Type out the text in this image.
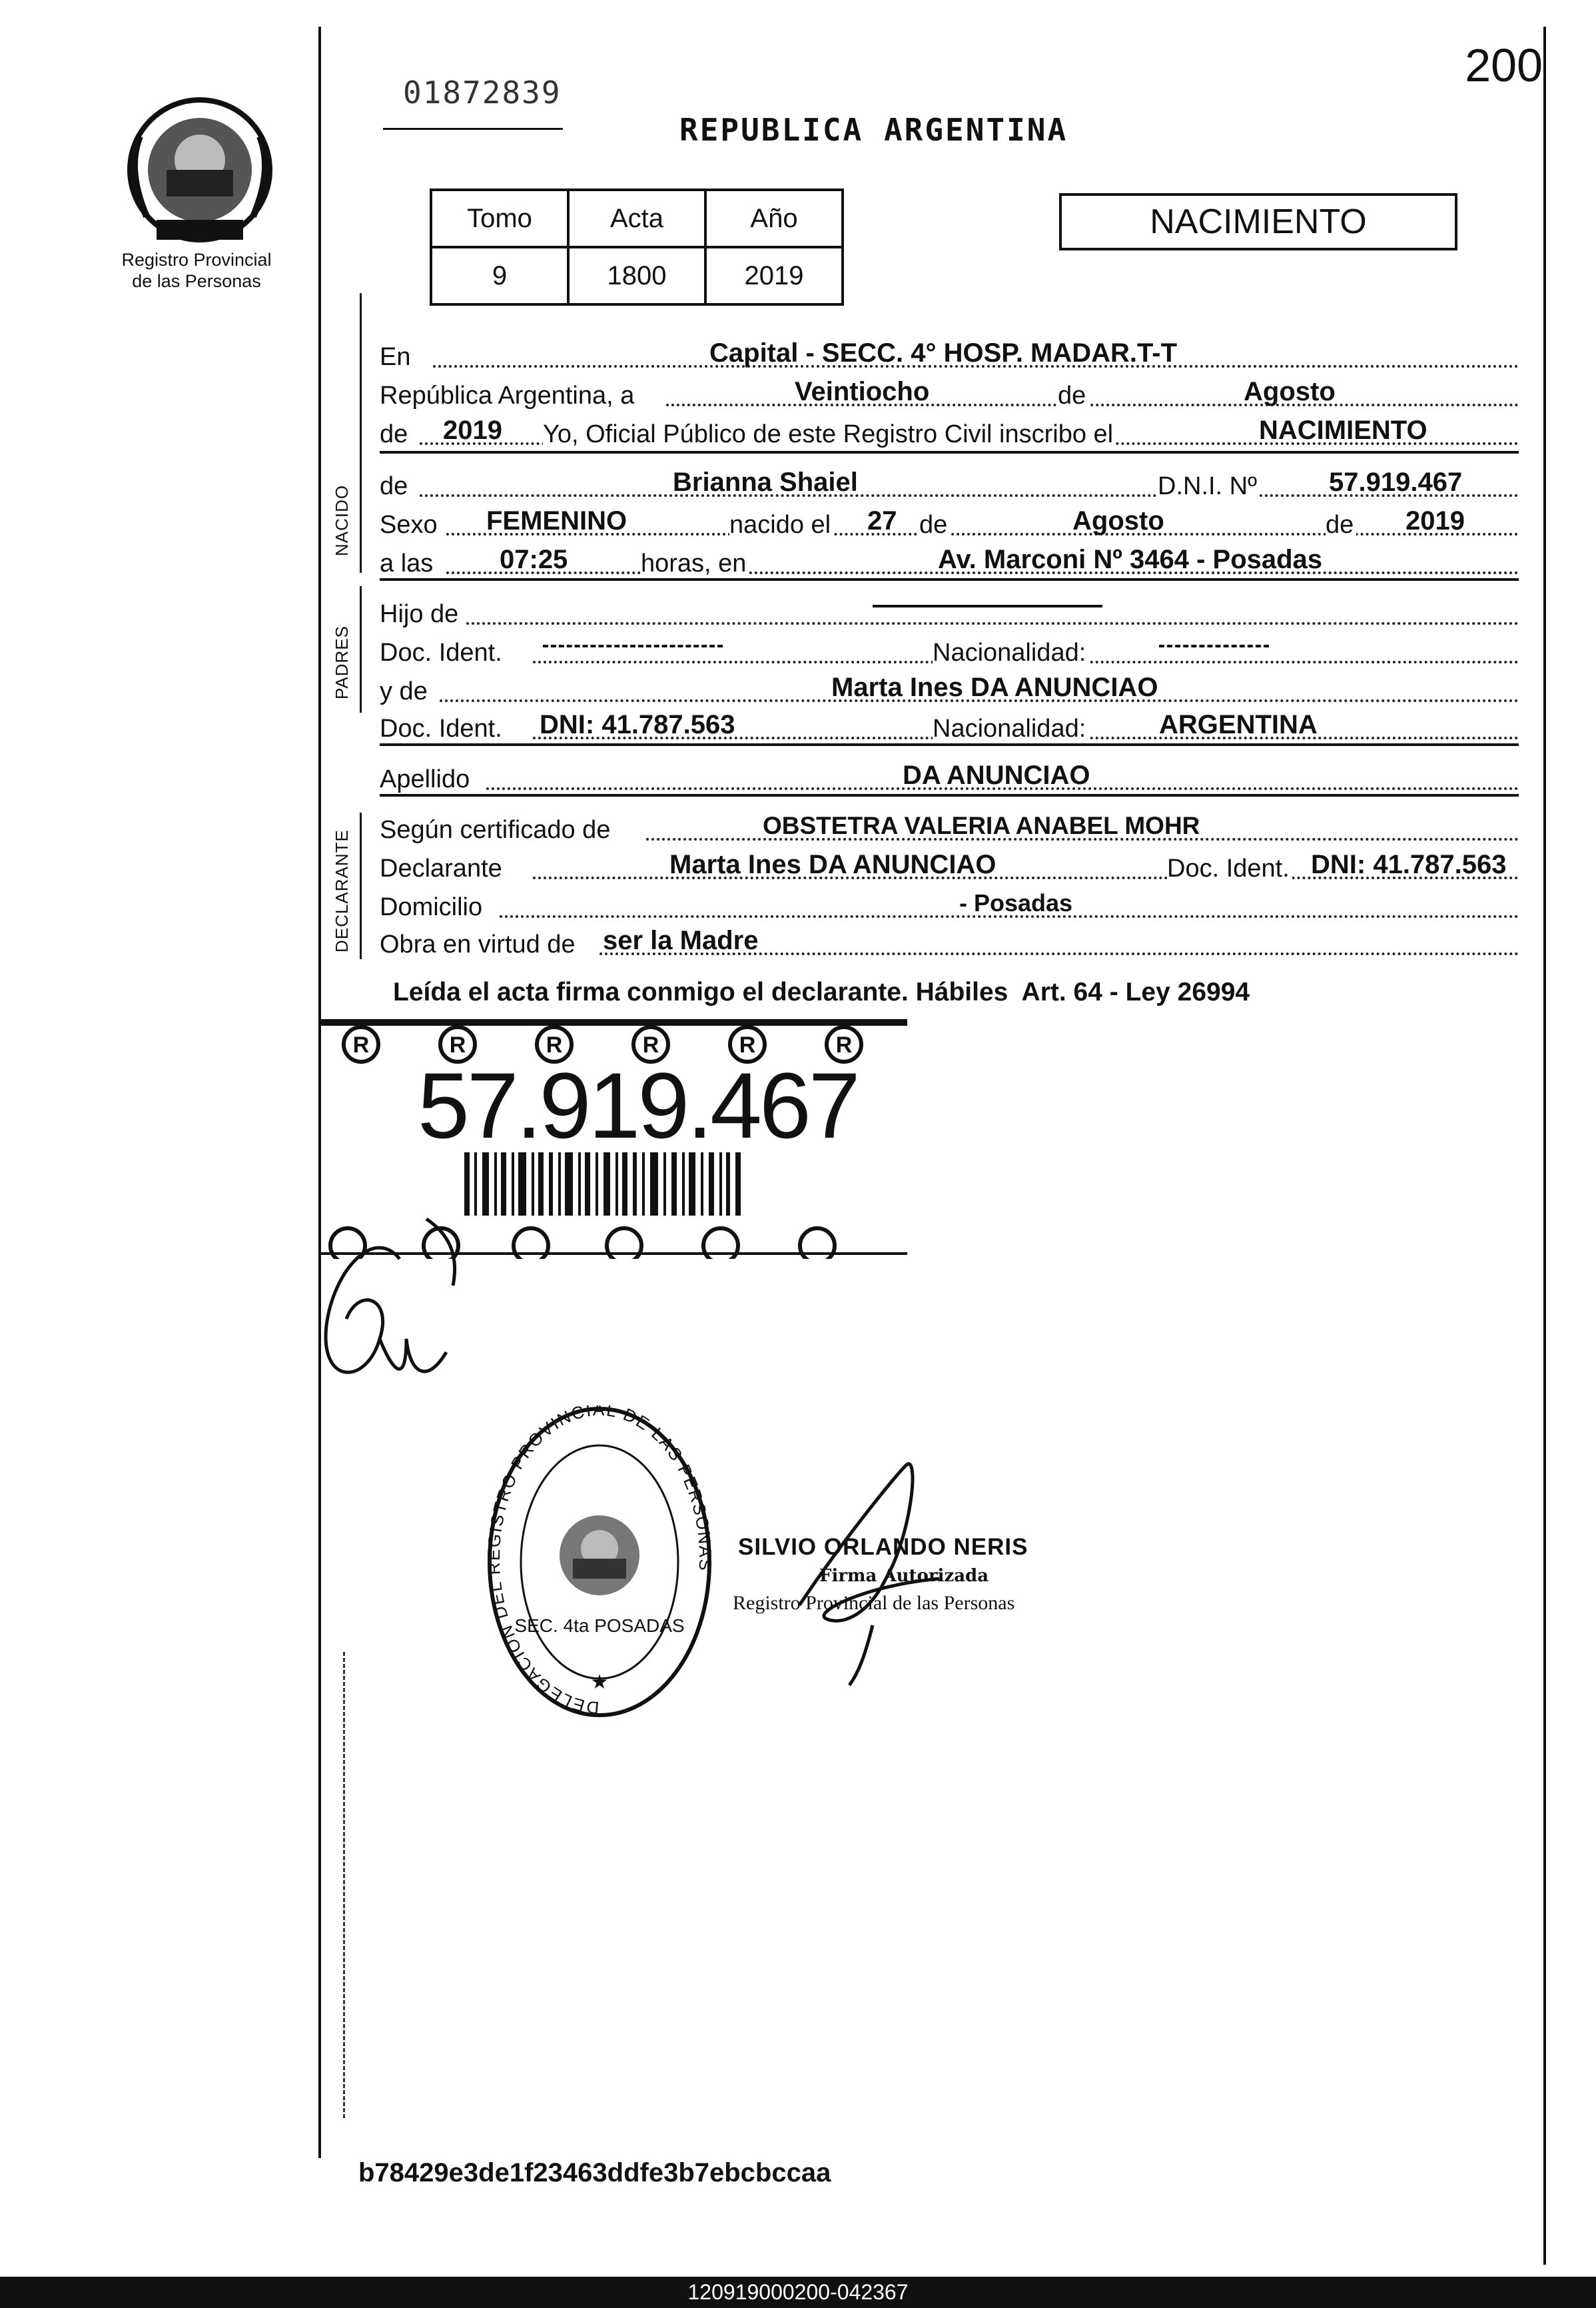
200
Registro Provincial
de las Personas
01872839
REPUBLICA ARGENTINA
Tomo	Acta	Año
9	1800	2019
NACIMIENTO
NACIDO
PADRES
DECLARANTE
En	Capital - SECC. 4° HOSP. MADAR.T-T
República Argentina, a	Veintiocho	de	Agosto
de 2019 Yo, Oficial Público de este Registro Civil inscribo el	NACIMIENTO
de	Brianna Shaiel	D.N.I. Nº	57.919.467
Sexo FEMENINO	nacido el 27 de	Agosto	de 2019
a las 07:25	horas, en	Av. Marconi Nº 3464 - Posadas
Hijo de
Doc. Ident.	Nacionalidad:
y de	Marta Ines DA ANUNCIAO
Doc. Ident. DNI: 41.787.563	Nacionalidad:	ARGENTINA
Apellido	DA ANUNCIAO
Según certificado de	OBSTETRA VALERIA ANABEL MOHR
Declarante	Marta Ines DA ANUNCIAO	Doc. Ident. DNI: 41.787.563
Domicilio	- Posadas
Obra en virtud de ser la Madre
Leída el acta firma conmigo el declarante. Hábiles  Art. 64 - Ley 26994
R	R	R	R	R	R
57.919.467
DELEGACION DEL ISTRO PROVINCIAL DE LAS PERSO
SEC. 4ta POSADAS
★
SILVIO ORLANDO NERIS
Firma Autorizada
Registro Provincial de las Personas
b78429e3de1f23463ddfe3b7ebcbccaa
120919000200-042367
